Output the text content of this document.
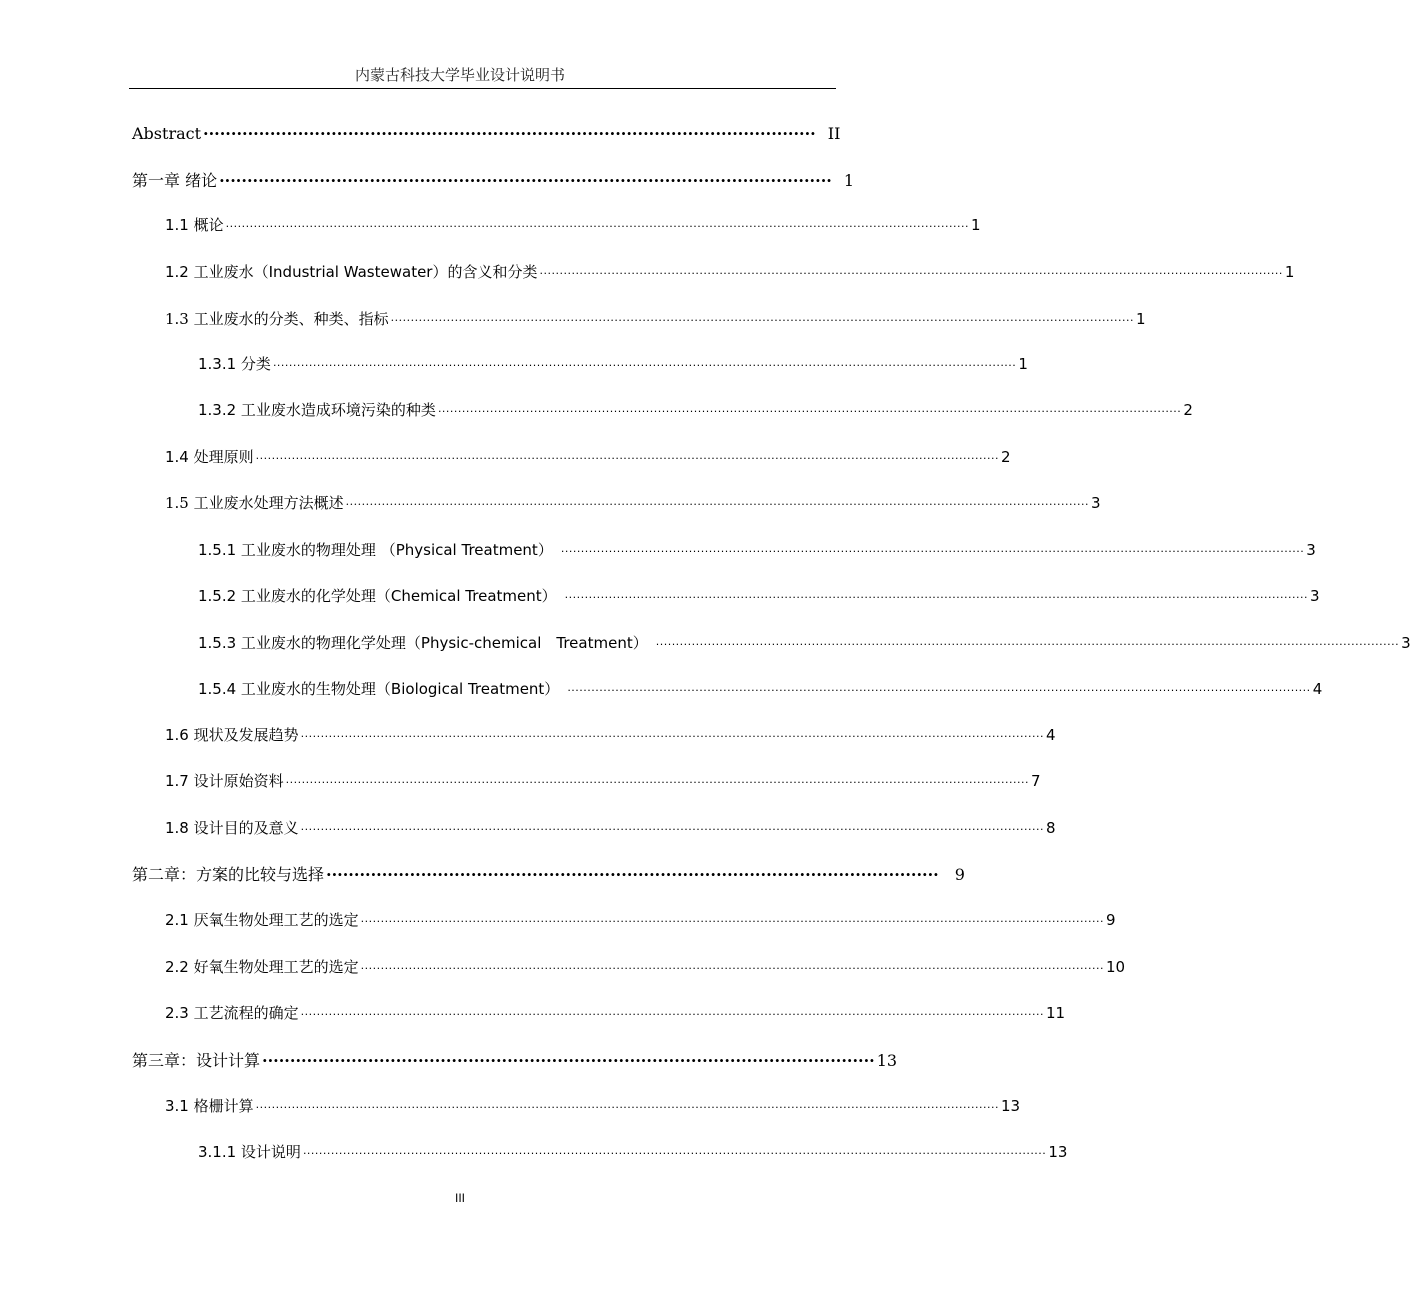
内蒙古科技大学毕业设计说明书
Abstract ·············································································································· II
第一章 绪论 ·············································································································· 1
1.1 概论 ·························································································································································································· 1
1.2 工业废水（Industrial Wastewater）的含义和分类 ·························································································································································································· 1
1.3 工业废水的分类、种类、指标 ·························································································································································································· 1
1.3.1 分类 ·························································································································································································· 1
1.3.2 工业废水造成环境污染的种类 ·························································································································································································· 2
1.4 处理原则 ·························································································································································································· 2
1.5 工业废水处理方法概述 ·························································································································································································· 3
1.5.1 工业废水的物理处理 （Physical Treatment） ·························································································································································································· 3
1.5.2 工业废水的化学处理（Chemical Treatment） ·························································································································································································· 3
1.5.3 工业废水的物理化学处理（Physic-chemical　Treatment） ·························································································································································································· 3
1.5.4 工业废水的生物处理（Biological Treatment） ·························································································································································································· 4
1.6 现状及发展趋势 ·························································································································································································· 4
1.7 设计原始资料 ·························································································································································································· 7
1.8 设计目的及意义 ·························································································································································································· 8
第二章：方案的比较与选择 ·············································································································· 9
2.1 厌氧生物处理工艺的选定 ·························································································································································································· 9
2.2 好氧生物处理工艺的选定 ·························································································································································································· 10
2.3 工艺流程的确定 ·························································································································································································· 11
第三章：设计计算 ·············································································································· 13
3.1 格栅计算 ·························································································································································································· 13
3.1.1 设计说明 ·························································································································································································· 13
III
